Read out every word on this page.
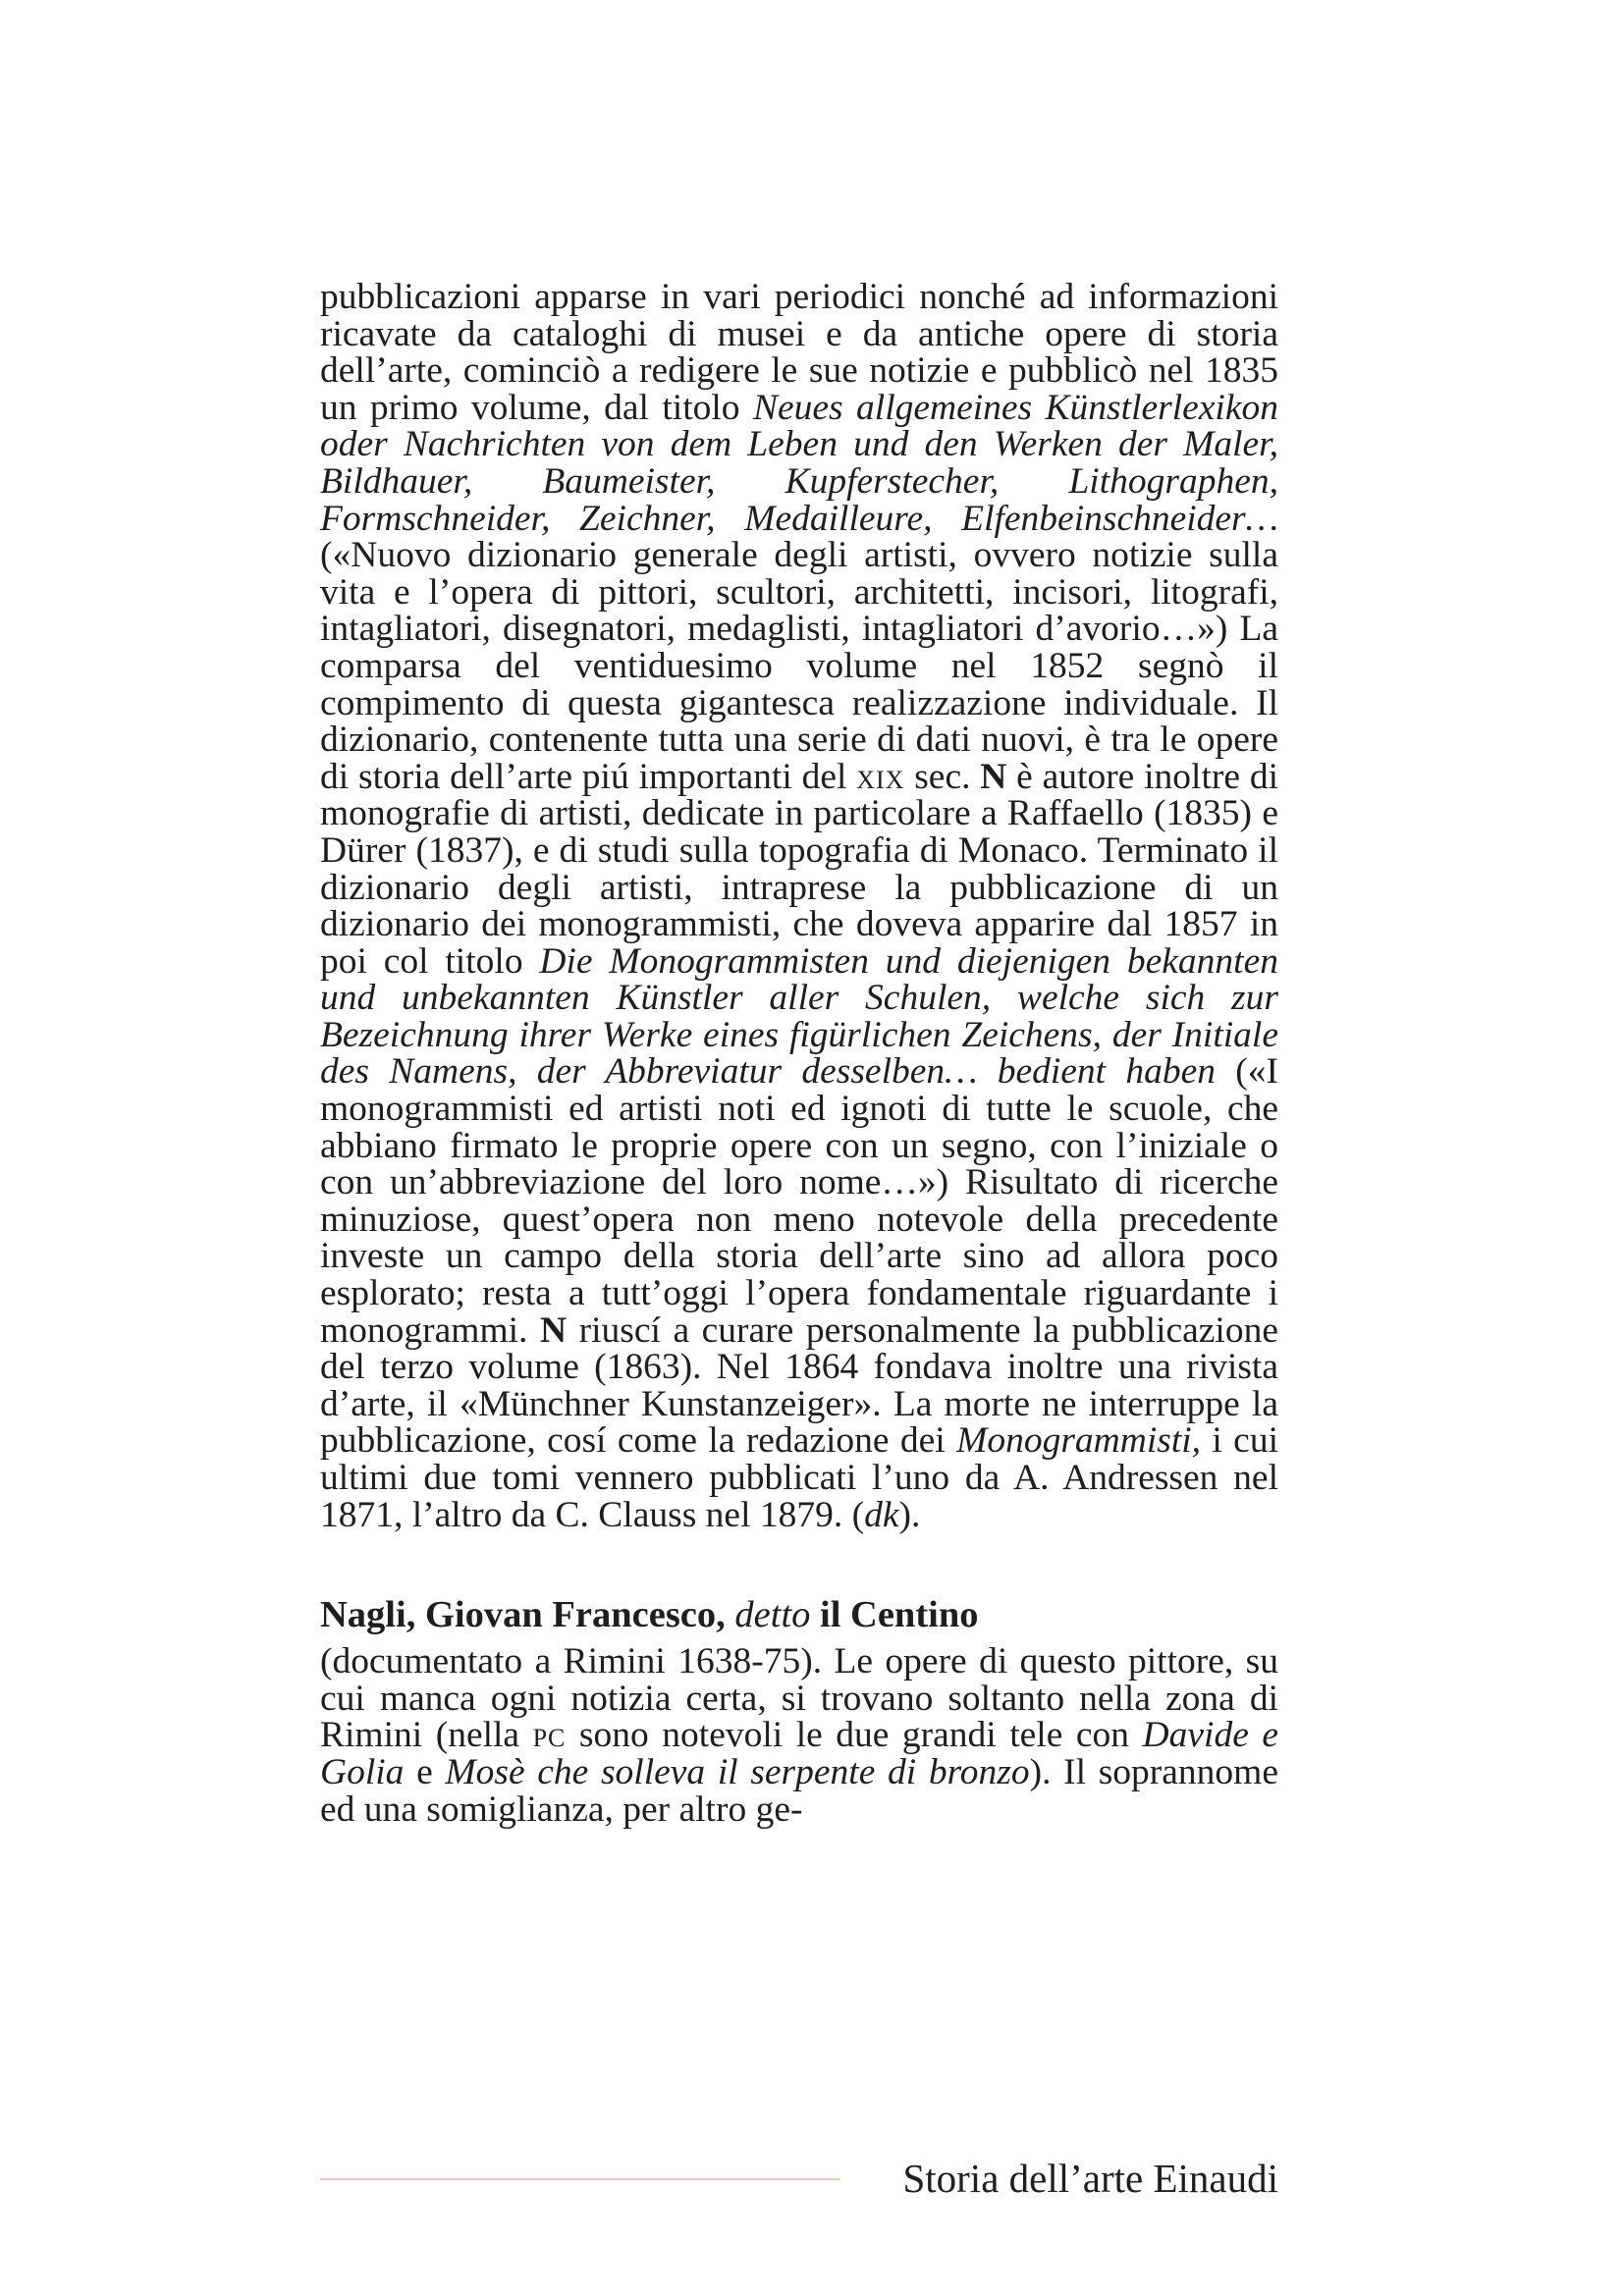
pubblicazioni apparse in vari periodici nonché ad informazioni ricavate da cataloghi di musei e da antiche opere di storia dell’arte, cominciò a redigere le sue notizie e pubblicò nel 1835 un primo volume, dal titolo Neues allgemeines Künstlerlexikon oder Nachrichten von dem Leben und den Werken der Maler, Bildhauer, Baumeister, Kupferstecher, Lithographen, Formschneider, Zeichner, Medailleure, Elfenbeinschneider… («Nuovo dizionario generale degli artisti, ovvero notizie sulla vita e l’opera di pittori, scultori, architetti, incisori, litografi, intagliatori, disegnatori, medaglisti, intagliatori d’avorio…») La comparsa del ventiduesimo volume nel 1852 segnò il compimento di questa gigantesca realizzazione individuale. Il dizionario, contenente tutta una serie di dati nuovi, è tra le opere di storia dell’arte piú importanti del xix sec. N è autore inoltre di monografie di artisti, dedicate in particolare a Raffaello (1835) e Dürer (1837), e di studi sulla topografia di Monaco. Terminato il dizionario degli artisti, intraprese la pubblicazione di un dizionario dei monogrammisti, che doveva apparire dal 1857 in poi col titolo Die Monogrammisten und diejenigen bekannten und unbekannten Künstler aller Schulen, welche sich zur Bezeichnung ihrer Werke eines figürlichen Zeichens, der Initiale des Namens, der Abbreviatur desselben… bedient haben («I monogrammisti ed artisti noti ed ignoti di tutte le scuole, che abbiano firmato le proprie opere con un segno, con l’iniziale o con un’abbreviazione del loro nome…») Risultato di ricerche minuziose, quest’opera non meno notevole della precedente investe un campo della storia dell’arte sino ad allora poco esplorato; resta a tutt’oggi l’opera fondamentale riguardante i monogrammi. N riuscí a curare personalmente la pubblicazione del terzo volume (1863). Nel 1864 fondava inoltre una rivista d’arte, il «Münchner Kunstanzeiger». La morte ne interruppe la pubblicazione, cosí come la redazione dei Monogrammisti, i cui ultimi due tomi vennero pubblicati l’uno da A. Andressen nel 1871, l’altro da C. Clauss nel 1879. (dk).

Nagli, Giovan Francesco, detto il Centino

(documentato a Rimini 1638-75). Le opere di questo pittore, su cui manca ogni notizia certa, si trovano soltanto nella zona di Rimini (nella pc sono notevoli le due grandi tele con Davide e Golia e Mosè che solleva il serpente di bronzo). Il soprannome ed una somiglianza, per altro ge-

Storia dell’arte Einaudi
